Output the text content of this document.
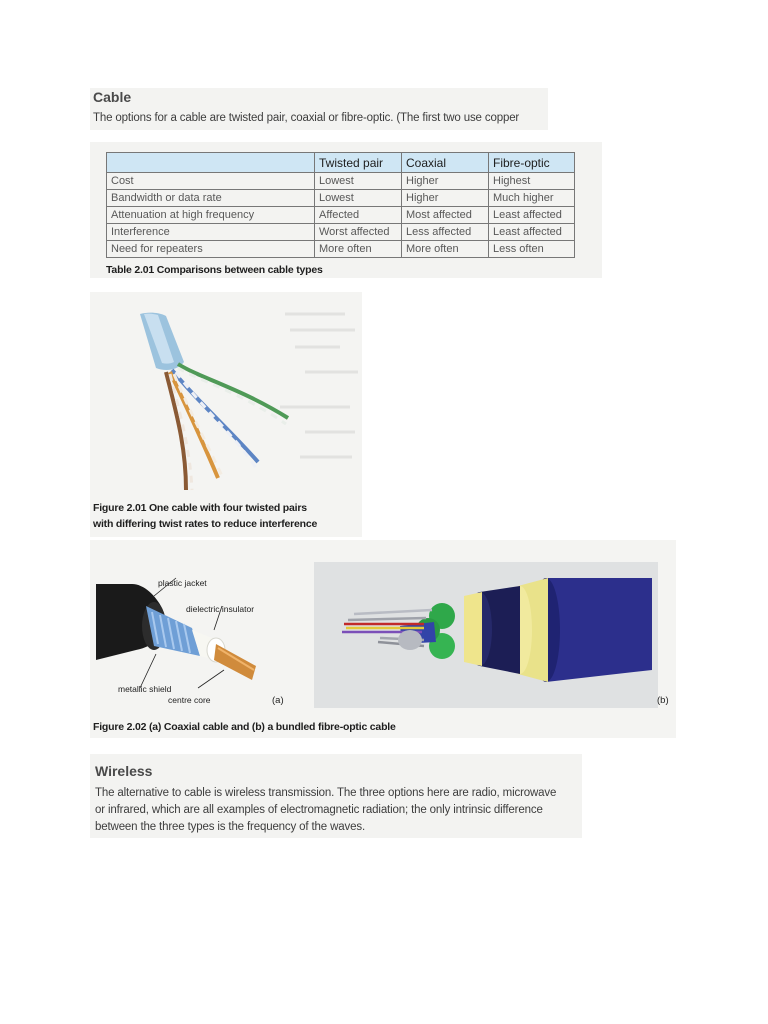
Cable
The options for a cable are twisted pair, coaxial or fibre-optic. (The first two use copper
	Twisted pair	Coaxial	Fibre-optic
Cost	Lowest	Higher	Highest
Bandwidth or data rate	Lowest	Higher	Much higher
Attenuation at high frequency	Affected	Most affected	Least affected
Interference	Worst affected	Less affected	Least affected
Need for repeaters	More often	More often	Less often
Table 2.01 Comparisons between cable types
Figure 2.01 One cable with four twisted pairs
with differing twist rates to reduce interference
plastic jacket
dielectric insulator
metallic shield
centre core	(a)	(b)
Figure 2.02 (a) Coaxial cable and (b) a bundled fibre-optic cable
Wireless
The alternative to cable is wireless transmission. The three options here are radio, microwave
or infrared, which are all examples of electromagnetic radiation; the only intrinsic difference
between the three types is the frequency of the waves.
